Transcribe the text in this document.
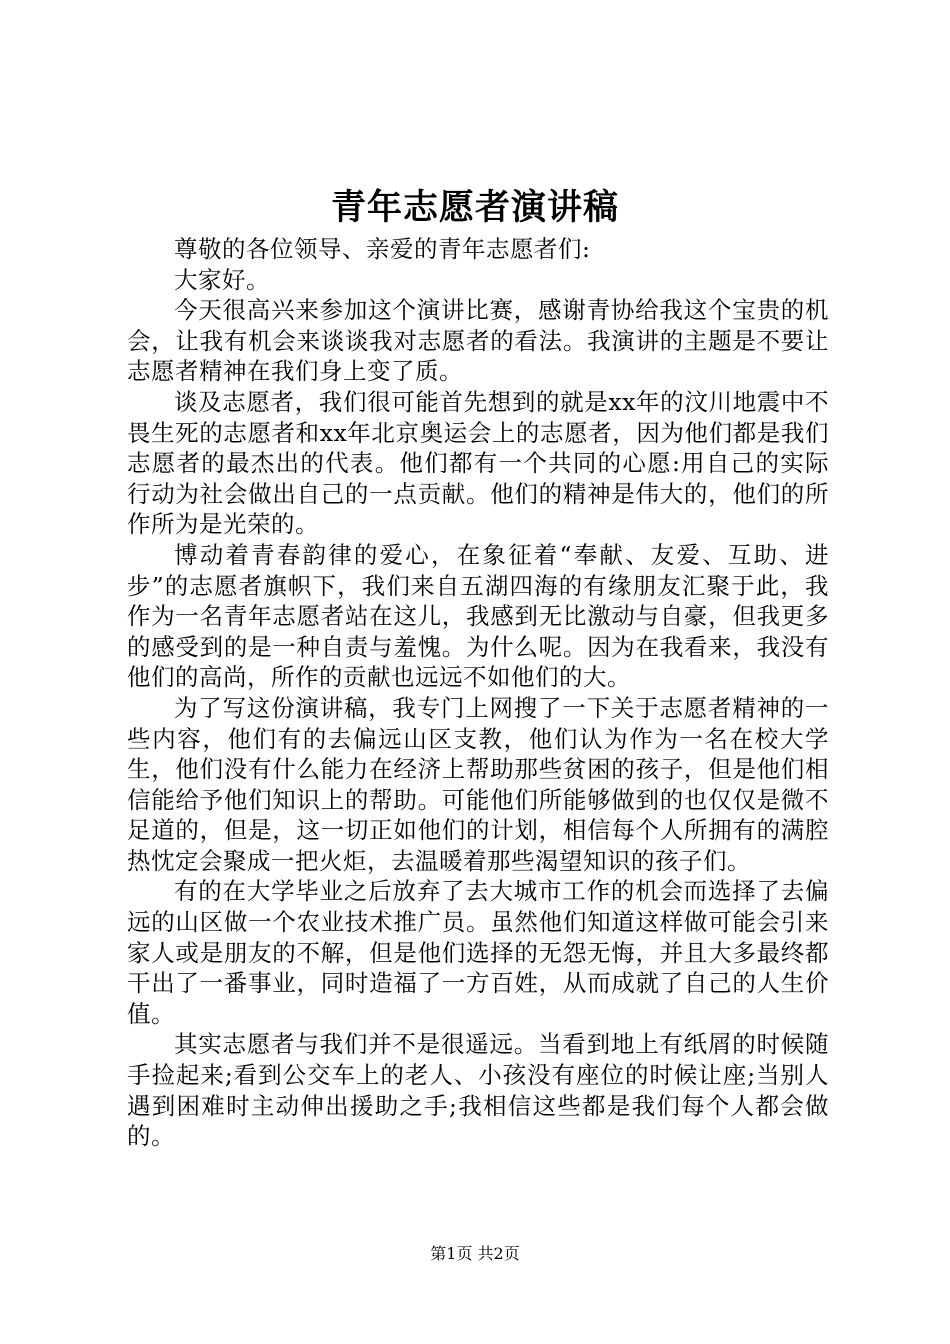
青年志愿者演讲稿

尊敬的各位领导、亲爱的青年志愿者们:

大家好。

今天很高兴来参加这个演讲比赛，感谢青协给我这个宝贵的机会，让我有机会来谈谈我对志愿者的看法。我演讲的主题是不要让志愿者精神在我们身上变了质。

谈及志愿者，我们很可能首先想到的就是xx年的汶川地震中不畏生死的志愿者和xx年北京奥运会上的志愿者，因为他们都是我们志愿者的最杰出的代表。他们都有一个共同的心愿:用自己的实际行动为社会做出自己的一点贡献。他们的精神是伟大的，他们的所作所为是光荣的。

博动着青春韵律的爱心，在象征着“奉献、友爱、互助、进步”的志愿者旗帜下，我们来自五湖四海的有缘朋友汇聚于此，我作为一名青年志愿者站在这儿，我感到无比激动与自豪，但我更多的感受到的是一种自责与羞愧。为什么呢。因为在我看来，我没有他们的高尚，所作的贡献也远远不如他们的大。

为了写这份演讲稿，我专门上网搜了一下关于志愿者精神的一些内容，他们有的去偏远山区支教，他们认为作为一名在校大学生，他们没有什么能力在经济上帮助那些贫困的孩子，但是他们相信能给予他们知识上的帮助。可能他们所能够做到的也仅仅是微不足道的，但是，这一切正如他们的计划，相信每个人所拥有的满腔热忱定会聚成一把火炬，去温暖着那些渴望知识的孩子们。

有的在大学毕业之后放弃了去大城市工作的机会而选择了去偏远的山区做一个农业技术推广员。虽然他们知道这样做可能会引来家人或是朋友的不解，但是他们选择的无怨无悔，并且大多最终都干出了一番事业，同时造福了一方百姓，从而成就了自己的人生价值。

其实志愿者与我们并不是很遥远。当看到地上有纸屑的时候随手捡起来;看到公交车上的老人、小孩没有座位的时候让座;当别人遇到困难时主动伸出援助之手;我相信这些都是我们每个人都会做的。

第1页 共2页
